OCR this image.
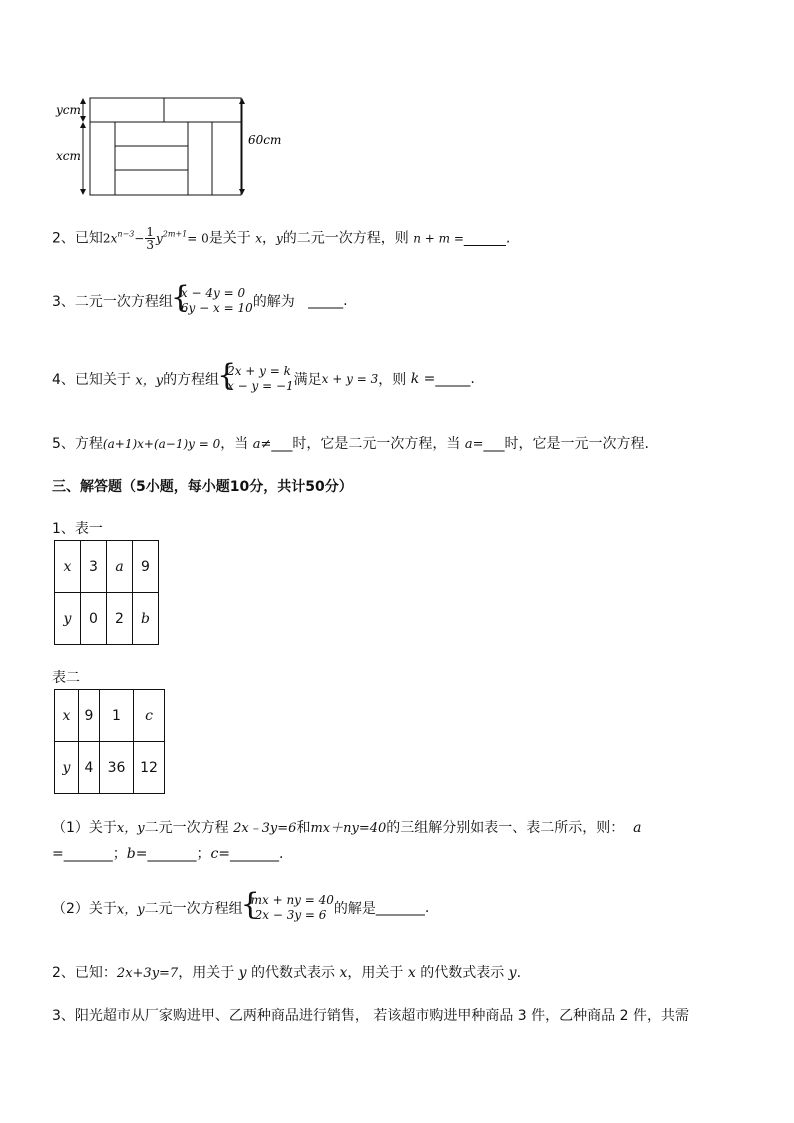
ycm
xcm
60cm
2、已知$2x^{n-3}- \frac{1}{3} y^{2m+1}= 0$是关于 x，y的二元一次方程，则 n + m =______.
3、二元一次方程组
{
x − 4y = 0
6y − x = 10 的解为 _____.
4、已知关于 x，y的方程组
{
2x + y = k
x − y = −1 满足x + y = 3，则 k =_____.
5、方程(a+1)x+(a−1)y = 0，当 a≠___时，它是二元一次方程，当 a=___时，它是一元一次方程.
三、解答题（5小题，每小题10分，共计50分）
1、表一
x	3	a	9
y	0	2	b
表二
x	9	1	c
y	4	36	12
（1）关于x，y二元一次方程 2x﹣3y=6和mx＋ny=40的三组解分别如表一、表二所示，则： a
=_______；b=_______；c=_______.
（2）关于x，y二元一次方程组
{
mx + ny = 40
2x − 3y = 6 的解是_______.
2、已知：2x+3y=7，用关于 y 的代数式表示 x，用关于 x 的代数式表示 y.
3、阳光超市从厂家购进甲、乙两种商品进行销售， 若该超市购进甲种商品 3 件，乙种商品 2 件，共需
